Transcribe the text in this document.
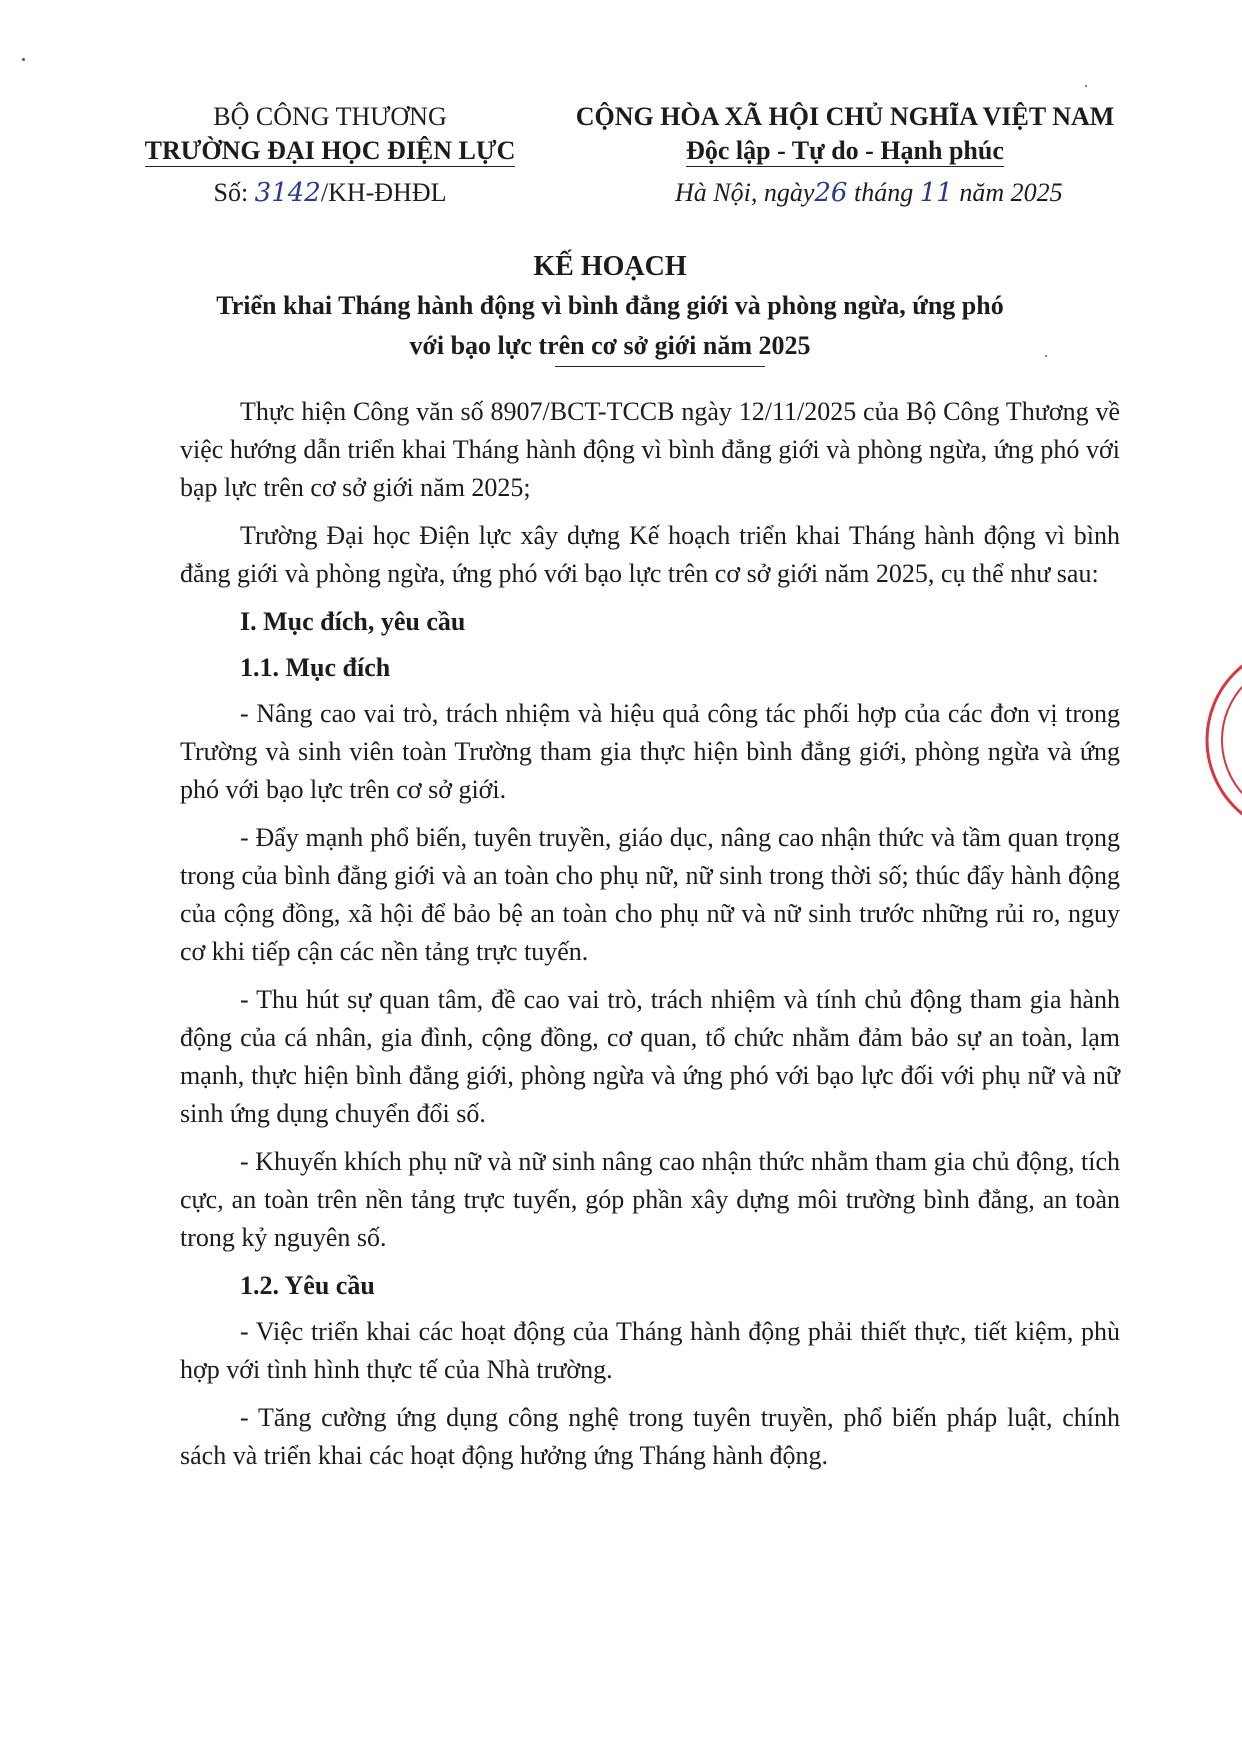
BỘ CÔNG THƯƠNG
TRƯỜNG ĐẠI HỌC ĐIỆN LỰC
Số: 3142/KH-ĐHĐL
CỘNG HÒA XÃ HỘI CHỦ NGHĨA VIỆT NAM
Độc lập - Tự do - Hạnh phúc
Hà Nội, ngày26 tháng 11 năm 2025
KẾ HOẠCH
Triển khai Tháng hành động vì bình đẳng giới và phòng ngừa, ứng phó
với bạo lực trên cơ sở giới năm 2025

Thực hiện Công văn số 8907/BCT-TCCB ngày 12/11/2025 của Bộ Công Thương về việc hướng dẫn triển khai Tháng hành động vì bình đẳng giới và phòng ngừa, ứng phó với bạp lực trên cơ sở giới năm 2025;

Trường Đại học Điện lực xây dựng Kế hoạch triển khai Tháng hành động vì bình đẳng giới và phòng ngừa, ứng phó với bạo lực trên cơ sở giới năm 2025, cụ thể như sau:

I. Mục đích, yêu cầu

1.1. Mục đích

- Nâng cao vai trò, trách nhiệm và hiệu quả công tác phối hợp của các đơn vị trong Trường và sinh viên toàn Trường tham gia thực hiện bình đẳng giới, phòng ngừa và ứng phó với bạo lực trên cơ sở giới.

- Đẩy mạnh phổ biến, tuyên truyền, giáo dục, nâng cao nhận thức và tầm quan trọng trong của bình đẳng giới và an toàn cho phụ nữ, nữ sinh trong thời số; thúc đẩy hành động của cộng đồng, xã hội để bảo bệ an toàn cho phụ nữ và nữ sinh trước những rủi ro, nguy cơ khi tiếp cận các nền tảng trực tuyến.

- Thu hút sự quan tâm, đề cao vai trò, trách nhiệm và tính chủ động tham gia hành động của cá nhân, gia đình, cộng đồng, cơ quan, tổ chức nhằm đảm bảo sự an toàn, lạm mạnh, thực hiện bình đẳng giới, phòng ngừa và ứng phó với bạo lực đối với phụ nữ và nữ sinh ứng dụng chuyển đổi số.

- Khuyến khích phụ nữ và nữ sinh nâng cao nhận thức nhằm tham gia chủ động, tích cực, an toàn trên nền tảng trực tuyến, góp phần xây dựng môi trường bình đẳng, an toàn trong kỷ nguyên số.

1.2. Yêu cầu

- Việc triển khai các hoạt động của Tháng hành động phải thiết thực, tiết kiệm, phù hợp với tình hình thực tế của Nhà trường.

- Tăng cường ứng dụng công nghệ trong tuyên truyền, phổ biến pháp luật, chính sách và triển khai các hoạt động hưởng ứng Tháng hành động.
